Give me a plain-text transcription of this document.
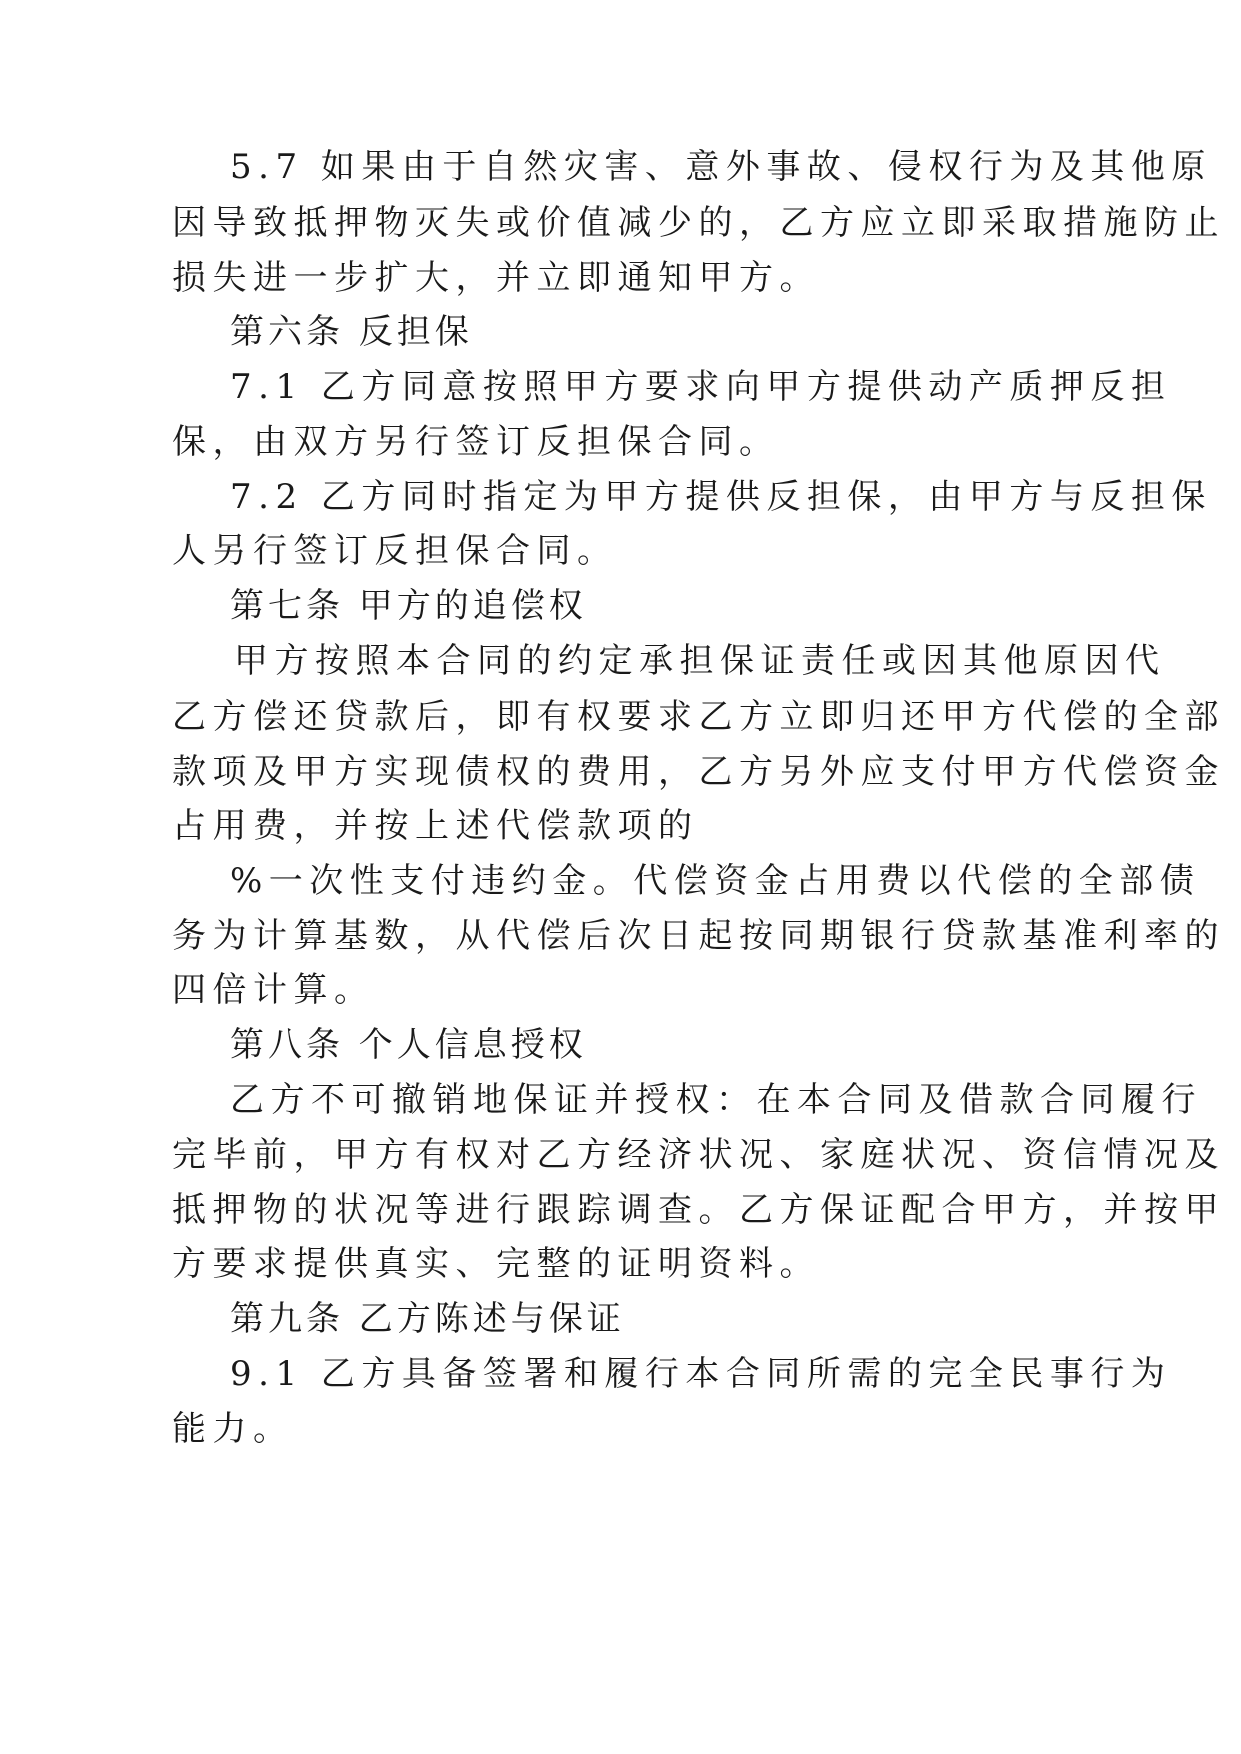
5.7 如果由于自然灾害、意外事故、侵权行为及其他原
因导致抵押物灭失或价值减少的，乙方应立即采取措施防止
损失进一步扩大，并立即通知甲方。
第六条 反担保
7.1 乙方同意按照甲方要求向甲方提供动产质押反担
保，由双方另行签订反担保合同。
7.2 乙方同时指定为甲方提供反担保，由甲方与反担保
人另行签订反担保合同。
第七条 甲方的追偿权
甲方按照本合同的约定承担保证责任或因其他原因代
乙方偿还贷款后，即有权要求乙方立即归还甲方代偿的全部
款项及甲方实现债权的费用，乙方另外应支付甲方代偿资金
占用费，并按上述代偿款项的
%一次性支付违约金。代偿资金占用费以代偿的全部债
务为计算基数，从代偿后次日起按同期银行贷款基准利率的
四倍计算。
第八条 个人信息授权
乙方不可撤销地保证并授权：在本合同及借款合同履行
完毕前，甲方有权对乙方经济状况、家庭状况、资信情况及
抵押物的状况等进行跟踪调查。乙方保证配合甲方，并按甲
方要求提供真实、完整的证明资料。
第九条 乙方陈述与保证
9.1 乙方具备签署和履行本合同所需的完全民事行为
能力。
